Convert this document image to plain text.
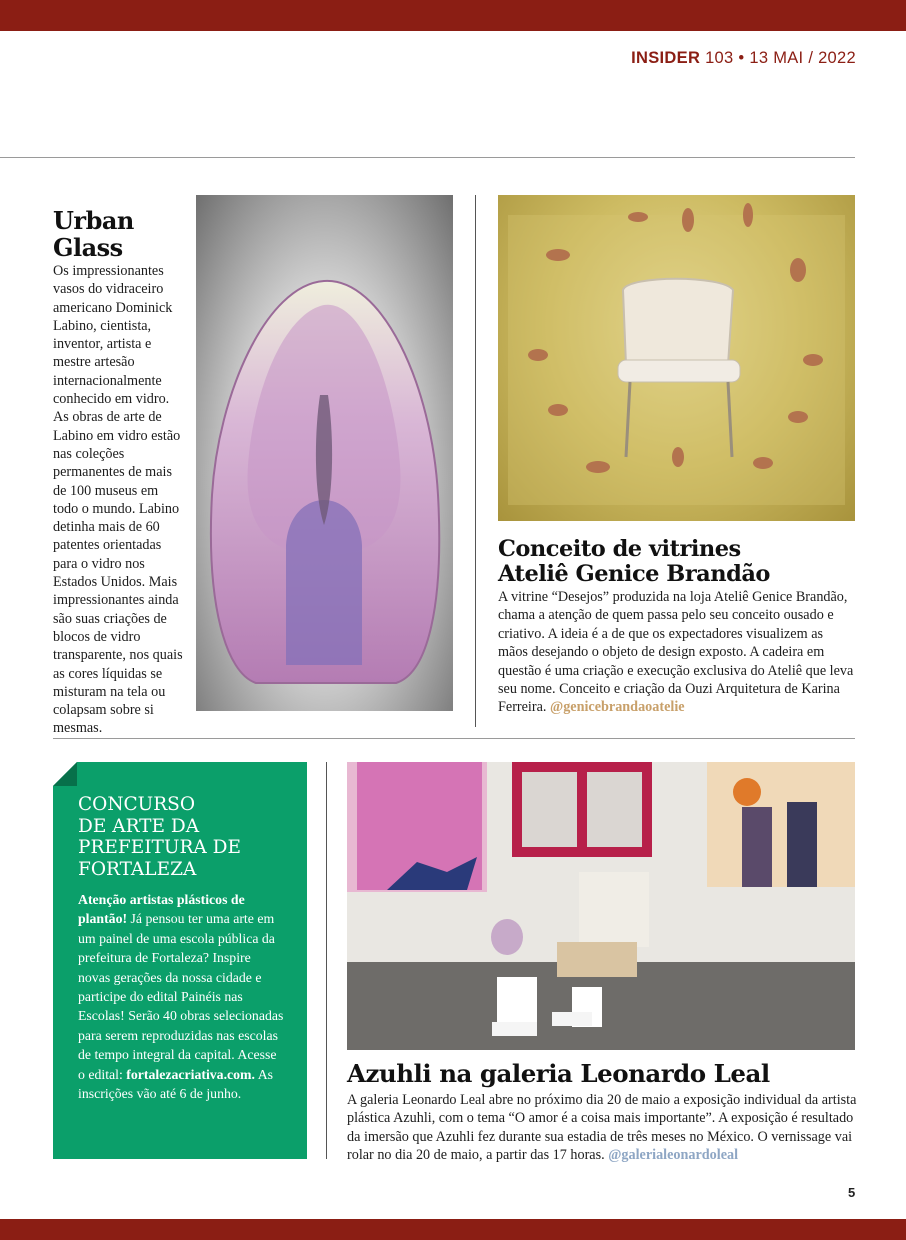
INSIDER 103 • 13 MAI / 2022
Urban
Glass

Os impressionantes vasos do vidraceiro americano Dominick Labino, cientista, inventor, artista e mestre artesão internacionalmente conhecido em vidro. As obras de arte de Labino em vidro estão nas coleções permanentes de mais de 100 museus em todo o mundo. Labino detinha mais de 60 patentes orientadas para o vidro nos Estados Unidos. Mais impressionantes ainda são suas criações de blocos de vidro transparente, nos quais as cores líquidas se misturam na tela ou colapsam sobre si mesmas.

Conceito de vitrines
Ateliê Genice Brandão

A vitrine “Desejos” produzida na loja Ateliê Genice Brandão, chama a atenção de quem passa pelo seu conceito ousado e criativo. A ideia é a de que os expectadores visualizem as mãos desejando o objeto de design exposto. A cadeira em questão é uma criação e execução exclusiva do Ateliê que leva seu nome. Conceito e criação da Ouzi Arquitetura de Karina Ferreira. @genicebrandaoatelie

CONCURSO
DE ARTE DA
PREFEITURA DE
FORTALEZA

Atenção artistas plásticos de plantão! Já pensou ter uma arte em um painel de uma escola pública da prefeitura de Fortaleza? Inspire novas gerações da nossa cidade e participe do edital Painéis nas Escolas! Serão 40 obras selecionadas para serem reproduzidas nas escolas de tempo integral da capital. Acesse o edital: fortalezacriativa.com. As inscrições vão até 6 de junho.

Azuhli na galeria Leonardo Leal

A galeria Leonardo Leal abre no próximo dia 20 de maio a exposição individual da artista plástica Azuhli, com o tema “O amor é a coisa mais importante”. A exposição é resultado da imersão que Azuhli fez durante sua estadia de três meses no México. O vernissage vai rolar no dia 20 de maio, a partir das 17 horas. @galerialeonardoleal

5
